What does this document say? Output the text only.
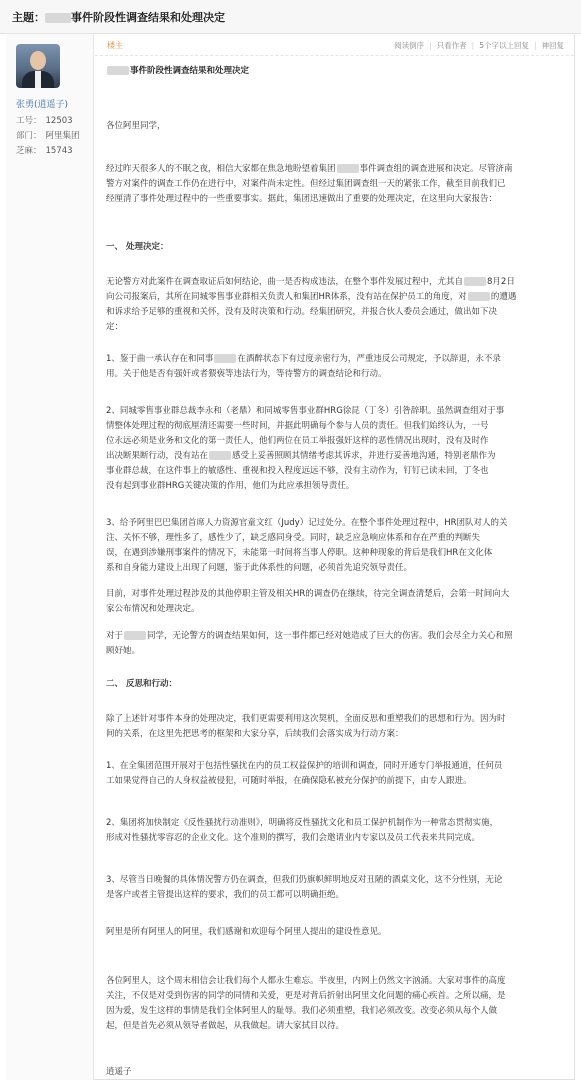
主题： 事件阶段性调查结果和处理决定
张勇(逍遥子)
工号： 12503
部门： 阿里集团
芝麻： 15743
楼主	阅读倒序 | 只看作者 | 5个字以上回复 | 神回复
事件阶段性调查结果和处理决定
各位阿里同学，
经过昨天很多人的不眠之夜，相信大家都在焦急地盼望着集团	事件调查组的调查进展和决定。尽管济南
警方对案件的调查工作仍在进行中，对案件尚未定性。但经过集团调查组一天的紧张工作，截至目前我们已
经厘清了事件处理过程中的一些重要事实。据此，集团迅速做出了重要的处理决定，在这里向大家报告：
一、 处理决定：
无论警方对此案件在调查取证后如何结论，曲一是否构成违法，在整个事件发展过程中，尤其自	8月2日
向公司报案后，其所在同城零售事业群相关负责人和集团HR体系，没有站在保护员工的角度，对	的遭遇
和诉求给予足够的重视和关怀，没有及时决策和行动。经集团研究，并报合伙人委员会通过，做出如下决
定：
1、鉴于曲一承认存在和同事	在酒醉状态下有过度亲密行为，严重违反公司规定，予以辞退，永不录
用。关于他是否有强奸或者猥亵等违法行为，等待警方的调查结论和行动。
2、同城零售事业群总裁李永和（老鼎）和同城零售事业群HRG徐昆（丁冬）引咎辞职。虽然调查组对于事
情整体处理过程的彻底厘清还需要一些时间，并据此明确每个参与人员的责任。但我们始终认为，一号
位永远必须是业务和文化的第一责任人，他们两位在员工举报强奸这样的恶性情况出现时，没有及时作
出决断果断行动，没有站在	感受上妥善照顾其情绪考虑其诉求，并进行妥善地沟通，特别老鼎作为
事业群总裁，在这件事上的敏感性、重视和投入程度远远不够，没有主动作为，钉钉已读未回，丁冬也
没有起到事业群HRG关键决策的作用，他们为此应承担领导责任。
3、给予阿里巴巴集团首席人力资源官童文红（Judy）记过处分。在整个事件处理过程中，HR团队对人的关
注、关怀不够，理性多了，感性少了，缺乏感同身受。同时，缺乏应急响应体系和存在严重的判断失
误，在遇到涉嫌刑事案件的情况下，未能第一时间将当事人停职。这种种现象的背后是我们HR在文化体
系和自身能力建设上出现了问题，鉴于此体系性的问题，必须首先追究领导责任。
目前，对事件处理过程涉及的其他停职主管及相关HR的调查仍在继续，待完全调查清楚后，会第一时间向大
家公布情况和处理决定。
对于	同学，无论警方的调查结果如何，这一事件都已经对她造成了巨大的伤害。我们会尽全力关心和照
顾好她。
二、 反思和行动：
除了上述针对事件本身的处理决定，我们更需要利用这次契机，全面反思和重塑我们的思想和行为。因为时
间的关系，在这里先把思考的框架和大家分享，后续我们会落实成为行动方案：
1、在全集团范围开展对于包括性骚扰在内的员工权益保护的培训和调查，同时开通专门举报通道，任何员
工如果觉得自己的人身权益被侵犯，可随时举报，在确保隐私被充分保护的前提下，由专人跟进。
2、集团将加快制定《反性骚扰行动准则》，明确将反性骚扰文化和员工保护机制作为一种常态贯彻实施，
形成对性骚扰零容忍的企业文化。这个准则的撰写，我们会邀请业内专家以及员工代表来共同完成。
3、尽管当日晚餐的具体情况警方仍在调查，但我们仍旗帜鲜明地反对丑陋的酒桌文化，这不分性别，无论
是客户或者主管提出这样的要求，我们的员工都可以明确拒绝。
阿里是所有阿里人的阿里，我们感谢和欢迎每个阿里人提出的建设性意见。
各位阿里人，这个周末相信会让我们每个人都永生难忘。半夜里，内网上仍然文字汹涌。大家对事件的高度
关注，不仅是对受到伤害的同学的同情和关爱，更是对背后折射出阿里文化问题的痛心疾首。之所以痛，是
因为爱，发生这样的事情是我们全体阿里人的耻辱。我们必须重塑，我们必须改变。改变必须从每个人做
起，但是首先必须从领导者做起，从我做起。请大家拭目以待。
逍遥子
